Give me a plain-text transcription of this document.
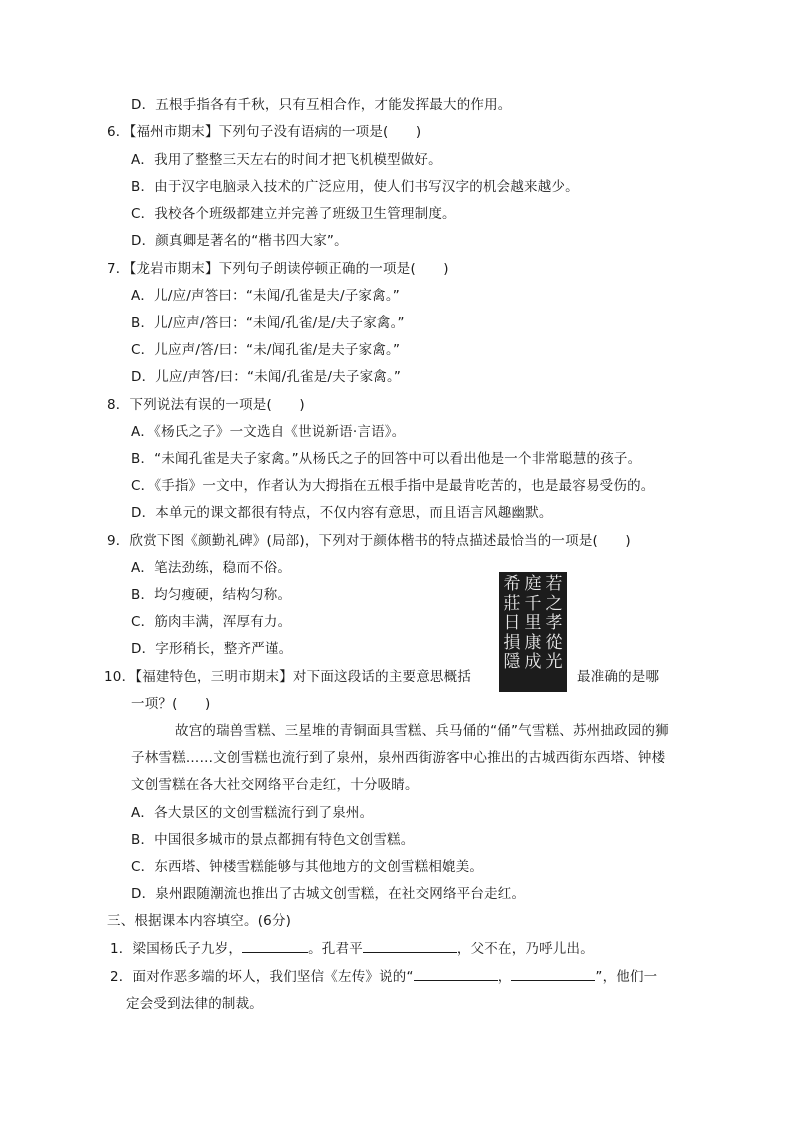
D．五根手指各有千秋，只有互相合作，才能发挥最大的作用。
6．【福州市期末】下列句子没有语病的一项是(　　)
A．我用了整整三天左右的时间才把飞机模型做好。
B．由于汉字电脑录入技术的广泛应用，使人们书写汉字的机会越来越少。
C．我校各个班级都建立并完善了班级卫生管理制度。
D．颜真卿是著名的“楷书四大家”。
7．【龙岩市期末】下列句子朗读停顿正确的一项是(　　)
A．儿/应/声答曰：“未闻/孔雀是夫/子家禽。”
B．儿/应声/答曰：“未闻/孔雀/是/夫子家禽。”
C．儿应声/答/曰：“未/闻孔雀/是夫子家禽。”
D．儿应/声答/曰：“未闻/孔雀是/夫子家禽。”
8．下列说法有误的一项是(　　)
A．《杨氏之子》一文选自《世说新语·言语》。
B．“未闻孔雀是夫子家禽。”从杨氏之子的回答中可以看出他是一个非常聪慧的孩子。
C．《手指》一文中，作者认为大拇指在五根手指中是最肯吃苦的，也是最容易受伤的。
D．本单元的课文都很有特点，不仅内容有意思，而且语言风趣幽默。
9．欣赏下图《颜勤礼碑》(局部)，下列对于颜体楷书的特点描述最恰当的一项是(　　)
A．笔法劲练，稳而不俗。
B．均匀瘦硬，结构匀称。
C．筋肉丰满，浑厚有力。
D．字形稍长，整齐严谨。
若
之
孝
從
光
庭
千
里
康
成
希
莊
日
損
隱
10．【福建特色，三明市期末】对下面这段话的主要意思概括	最准确的是哪
一项？(　　)
故宫的瑞兽雪糕、三星堆的青铜面具雪糕、兵马俑的“俑”气雪糕、苏州拙政园的狮
子林雪糕……文创雪糕也流行到了泉州，泉州西街游客中心推出的古城西街东西塔、钟楼
文创雪糕在各大社交网络平台走红，十分吸睛。
A．各大景区的文创雪糕流行到了泉州。
B．中国很多城市的景点都拥有特色文创雪糕。
C．东西塔、钟楼雪糕能够与其他地方的文创雪糕相媲美。
D．泉州跟随潮流也推出了古城文创雪糕，在社交网络平台走红。
三、根据课本内容填空。(6分)
1．梁国杨氏子九岁，	。孔君平	，父不在，乃呼儿出。
2．面对作恶多端的坏人，我们坚信《左传》说的“	，	”，他们一
定会受到法律的制裁。
